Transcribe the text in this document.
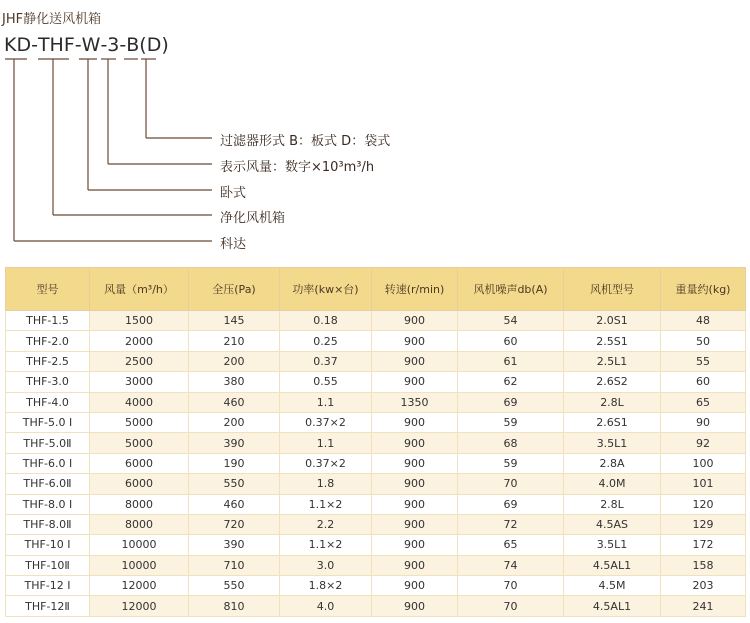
JHF静化送风机箱
KD - THF - W - 3 - B (D)
过滤器形式 B：板式 D：袋式
表示风量：数字×10³m³/h
卧式
净化风机箱
科达
型号	风量（m³/h）	全压(Pa)	功率(kw×台)	转速(r/min)	风机噪声db(A)	风机型号	重量约(kg)
THF-1.5	1500	145	0.18	900	54	2.0S1	48
THF-2.0	2000	210	0.25	900	60	2.5S1	50
THF-2.5	2500	200	0.37	900	61	2.5L1	55
THF-3.0	3000	380	0.55	900	62	2.6S2	60
THF-4.0	4000	460	1.1	1350	69	2.8L	65
THF-5.0 I	5000	200	0.37×2	900	59	2.6S1	90
THF-5.0Ⅱ	5000	390	1.1	900	68	3.5L1	92
THF-6.0 I	6000	190	0.37×2	900	59	2.8A	100
THF-6.0Ⅱ	6000	550	1.8	900	70	4.0M	101
THF-8.0 I	8000	460	1.1×2	900	69	2.8L	120
THF-8.0Ⅱ	8000	720	2.2	900	72	4.5AS	129
THF-10 I	10000	390	1.1×2	900	65	3.5L1	172
THF-10Ⅱ	10000	710	3.0	900	74	4.5AL1	158
THF-12 I	12000	550	1.8×2	900	70	4.5M	203
THF-12Ⅱ	12000	810	4.0	900	70	4.5AL1	241
